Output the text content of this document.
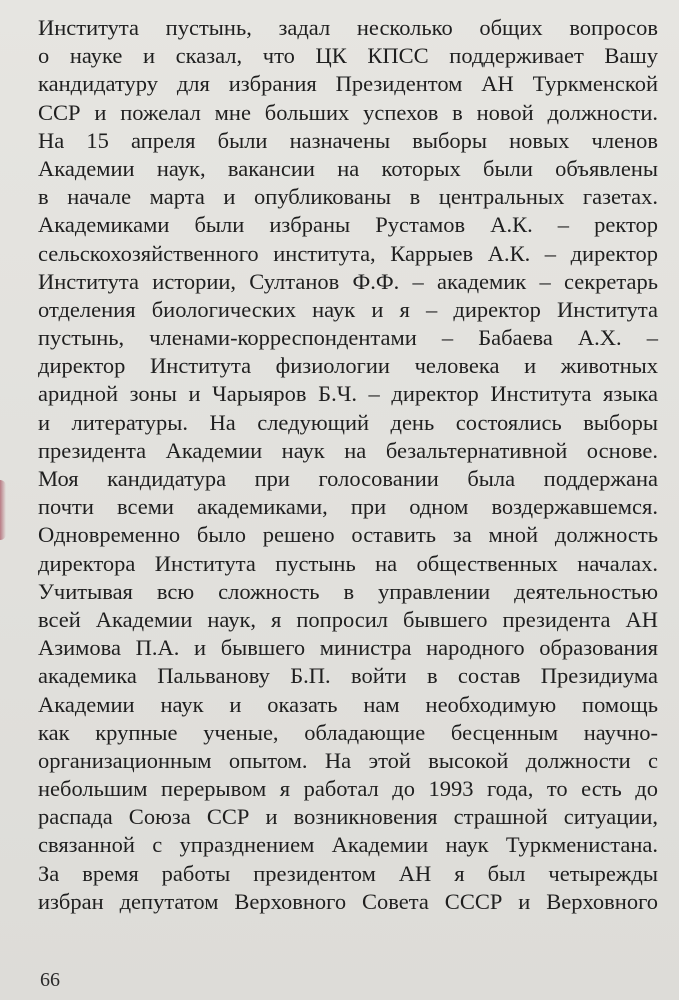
Института пустынь, задал несколько общих вопросов
о науке и сказал, что ЦК КПСС поддерживает Вашу
кандидатуру для избрания Президентом АН Туркменской
ССР и пожелал мне больших успехов в новой должности.
На 15 апреля были назначены выборы новых членов
Академии наук, вакансии на которых были объявлены
в начале марта и опубликованы в центральных газетах.
Академиками были избраны Рустамов А.К. – ректор
сельскохозяйственного института, Каррыев А.К. – директор
Института истории, Султанов Ф.Ф. – академик – секретарь
отделения биологических наук и я – директор Института
пустынь, членами-корреспондентами – Бабаева А.Х. –
директор Института физиологии человека и животных
аридной зоны и Чарыяров Б.Ч. – директор Института языка
и литературы. На следующий день состоялись выборы
президента Академии наук на безальтернативной основе.
Моя кандидатура при голосовании была поддержана
почти всеми академиками, при одном воздержавшемся.
Одновременно было решено оставить за мной должность
директора Института пустынь на общественных началах.
Учитывая всю сложность в управлении деятельностью
всей Академии наук, я попросил бывшего президента АН
Азимова П.А. и бывшего министра народного образования
академика Пальванову Б.П. войти в состав Президиума
Академии наук и оказать нам необходимую помощь
как крупные ученые, обладающие бесценным научно-
организационным опытом. На этой высокой должности с
небольшим перерывом я работал до 1993 года, то есть до
распада Союза ССР и возникновения страшной ситуации,
связанной с упразднением Академии наук Туркменистана.
За время работы президентом АН я был четырежды
избран депутатом Верховного Совета СССР и Верховного
66
